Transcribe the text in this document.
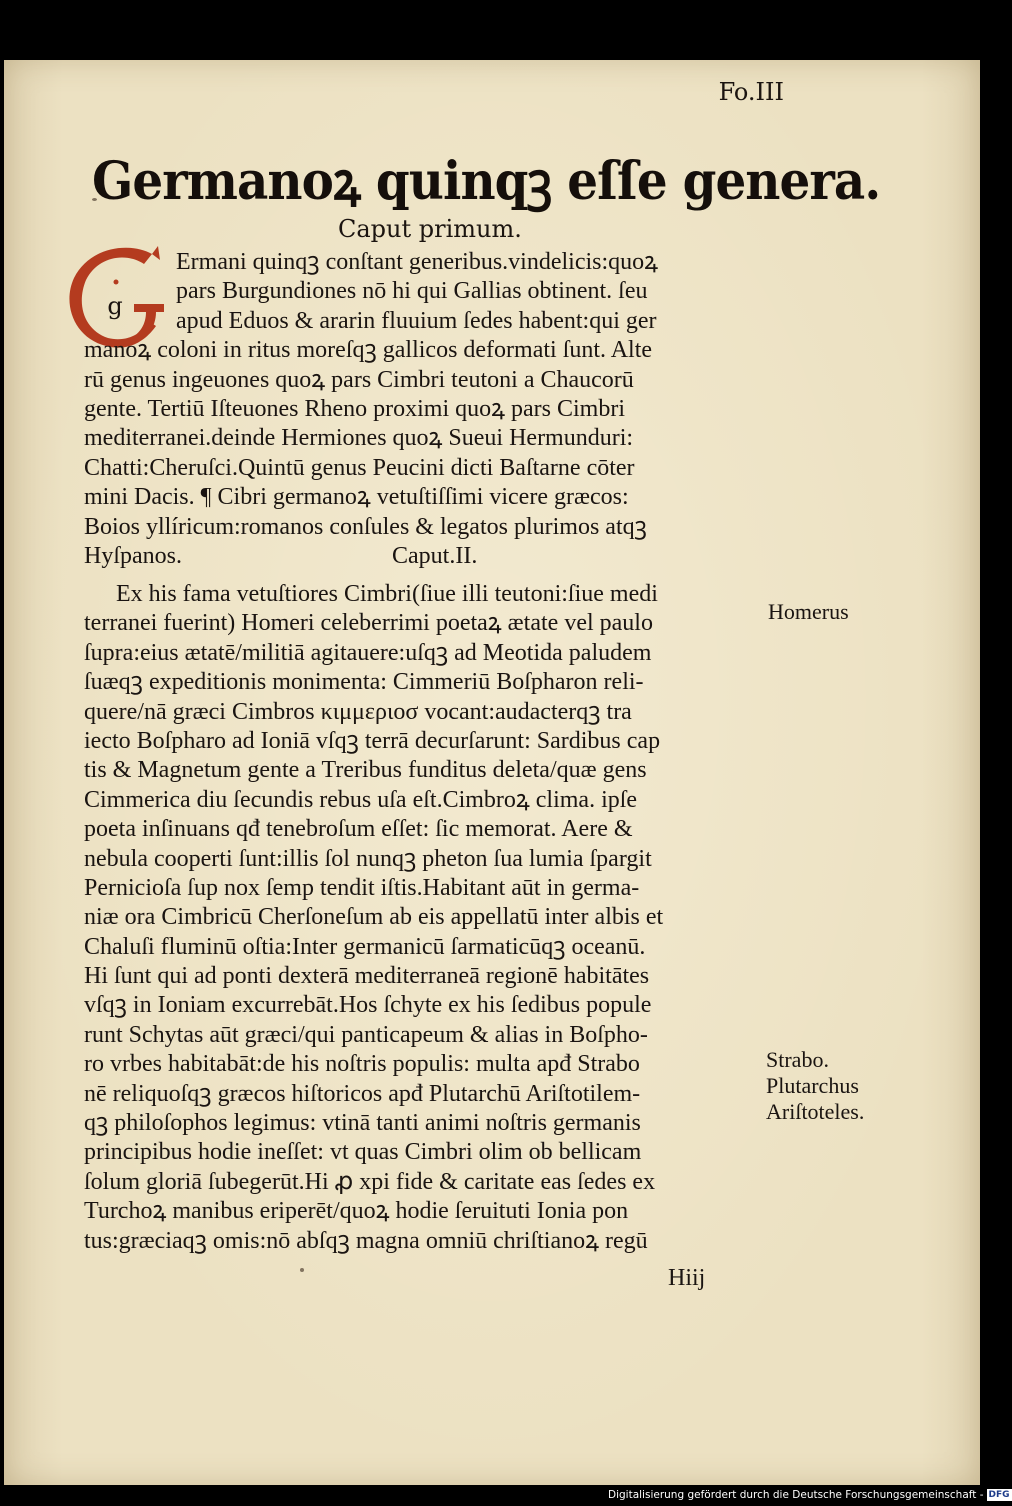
Fo.III
Germanoꝝ quinqꝫ eſſe genera.
Caput primum.
g
Ermani quinqꝫ conſtant generibus.vindelicis:quoꝝ
pars Burgundiones nō hi qui Gallias obtinent. ſeu
apud Eduos & ararin fluuium ſedes habent:qui ger
manoꝝ coloni in ritus moreſqꝫ gallicos deformati ſunt. Alte
rū genus ingeuones quoꝝ pars Cimbri teutoni a Chaucorū
gente. Tertiū Iſteuones Rheno proximi quoꝝ pars Cimbri
mediterranei.deinde Hermiones quoꝝ Sueui Hermunduri:
Chatti:Cheruſci.Quintū genus Peucini dicti Baſtarne cōter
mini Dacis. ¶ Cibri germanoꝝ vetuſtiſſimi vicere græcos:
Boios yllíricum:romanos conſules & legatos plurimos atqꝫ
Hyſpanos.	Caput.II.
Ex his fama vetuſtiores Cimbri(ſiue illi teutoni:ſiue medi
terranei fuerint) Homeri celeberrimi poetaꝝ ætate vel paulo
ſupra:eius ætatē/militiā agitauere:uſqꝫ ad Meotida paludem
ſuæqꝫ expeditionis monimenta: Cimmeriū Boſpharon reli-
quere/nā græci Cimbros κιμμεριοσ vocant:audacterqꝫ tra
iecto Boſpharo ad Ioniā vſqꝫ terrā decurſarunt: Sardibus cap
tis & Magnetum gente a Treribus funditus deleta/quæ gens
Cimmerica diu ſecundis rebus uſa eſt.Cimbroꝝ clima. ipſe
poeta inſinuans qđ tenebroſum eſſet: ſic memorat. Aere &
nebula cooperti ſunt:illis ſol nunqꝫ pheton ſua lumia ſpargit
Pernicioſa ſup nox ſemp tendit iſtis.Habitant aūt in germa-
niæ ora Cimbricū Cherſoneſum ab eis appellatū inter albis et
Chaluſi fluminū oſtia:Inter germanicū ſarmaticūqꝫ oceanū.
Hi ſunt qui ad ponti dexterā mediterraneā regionē habitātes
vſqꝫ in Ioniam excurrebāt.Hos ſchyte ex his ſedibus popule
runt Schytas aūt græci/qui panticapeum & alias in Boſpho-
ro vrbes habitabāt:de his noſtris populis: multa apđ Strabo
nē reliquoſqꝫ græcos hiſtoricos apđ Plutarchū Ariſtotilem-
qꝫ philoſophos legimus: vtinā tanti animi noſtris germanis
principibus hodie ineſſet: vt quas Cimbri olim ob bellicam
ſolum gloriā ſubegerūt.Hi ꝓ xpi fide & caritate eas ſedes ex
Turchoꝝ manibus eriperēt/quoꝝ hodie ſeruituti Ionia pon
tus:græciaqꝫ omis:nō abſqꝫ magna omniū chriſtianoꝝ regū
Homerus
Strabo.
Plutarchus
Ariſtoteles.
Hiij
Digitalisierung gefördert durch die Deutsche Forschungsgemeinschaft - DFG
